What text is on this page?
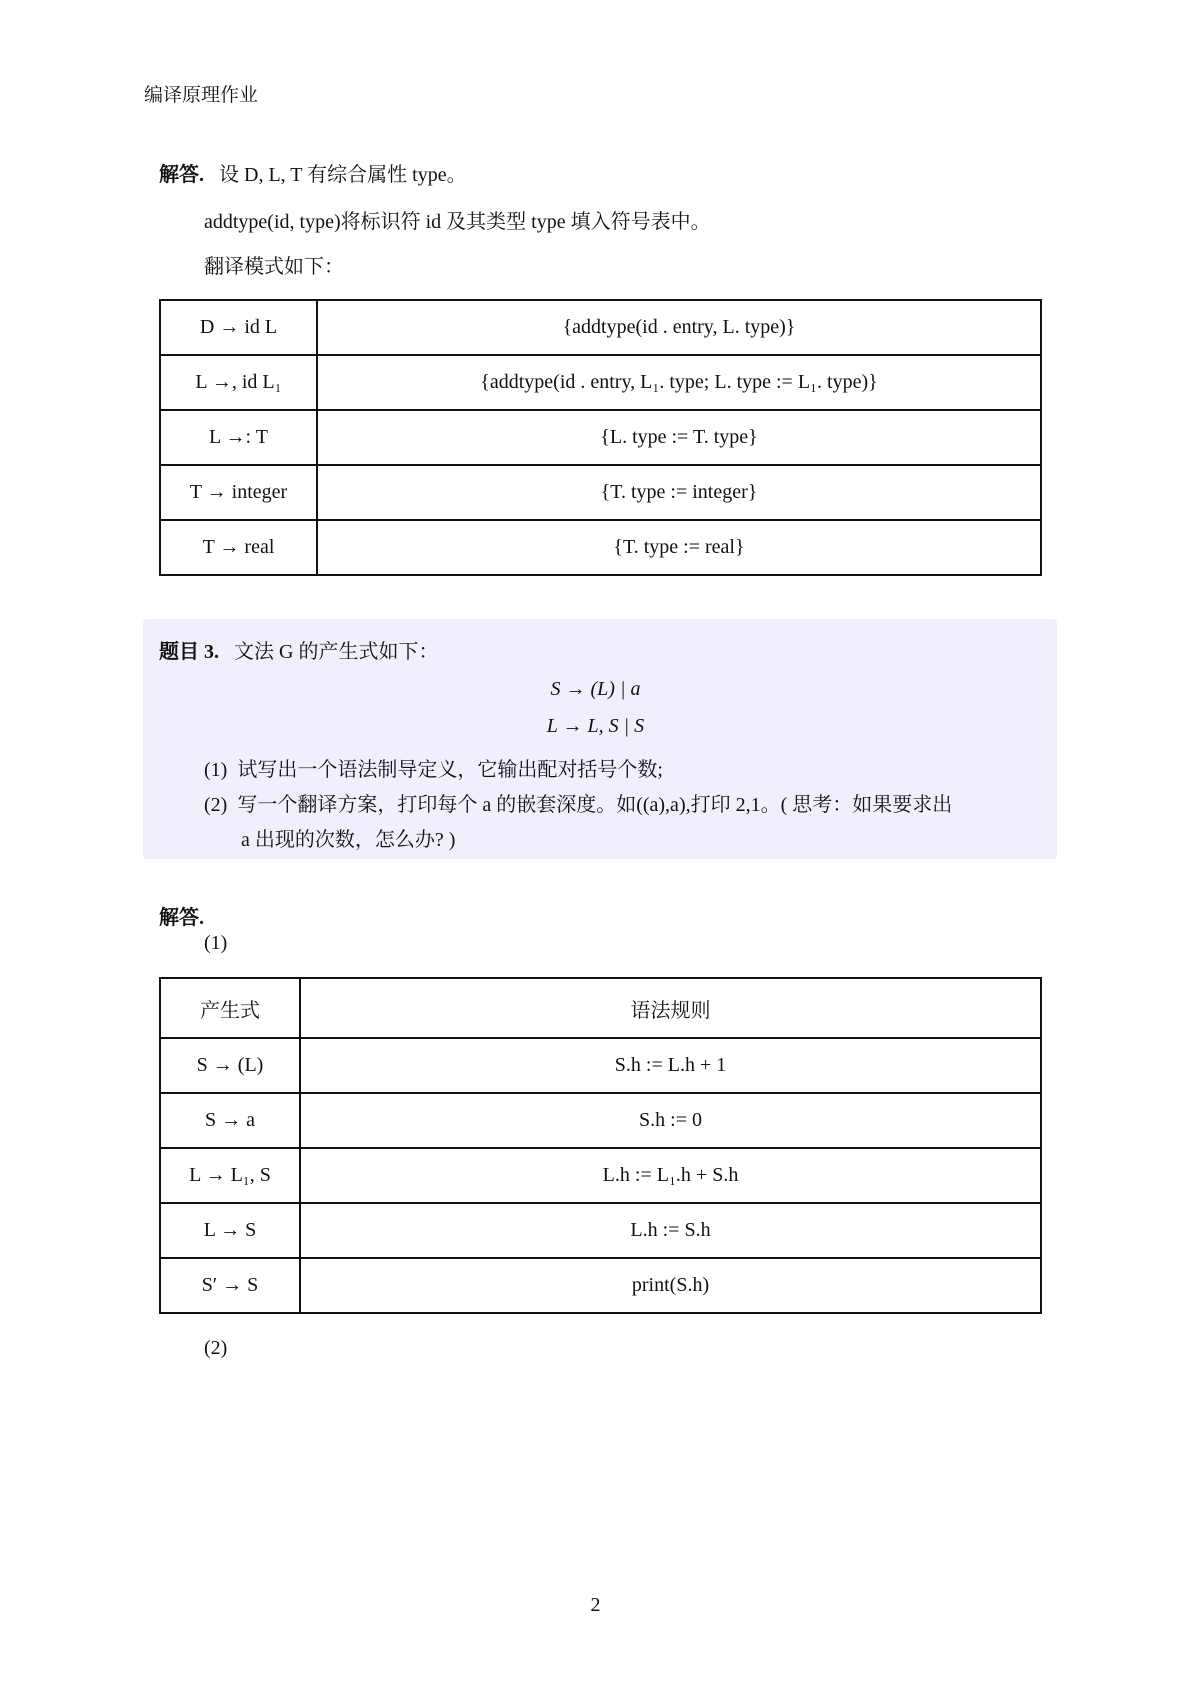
编译原理作业
解答. 设 D, L, T 有综合属性 type。
addtype(id, type)将标识符 id 及其类型 type 填入符号表中。
翻译模式如下：
D → id L	{addtype(id . entry, L. type)}
L →, id L₁	{addtype(id . entry, L₁. type; L. type := L₁. type)}
L →: T	{L. type := T. type}
T → integer	{T. type := integer}
T → real	{T. type := real}
题目 3. 文法 G 的产生式如下：
S → (L) | a
L → L, S | S
(1) 试写出一个语法制导定义，它输出配对括号个数;
(2) 写一个翻译方案，打印每个 a 的嵌套深度。如((a),a),打印 2,1。( 思考：如果要求出
a 出现的次数，怎么办? )
解答.
(1)
产生式	语法规则
S → (L)	S.h := L.h + 1
S → a	S.h := 0
L → L₁, S	L.h := L₁.h + S.h
L → S	L.h := S.h
S′ → S	print(S.h)
(2)
2
